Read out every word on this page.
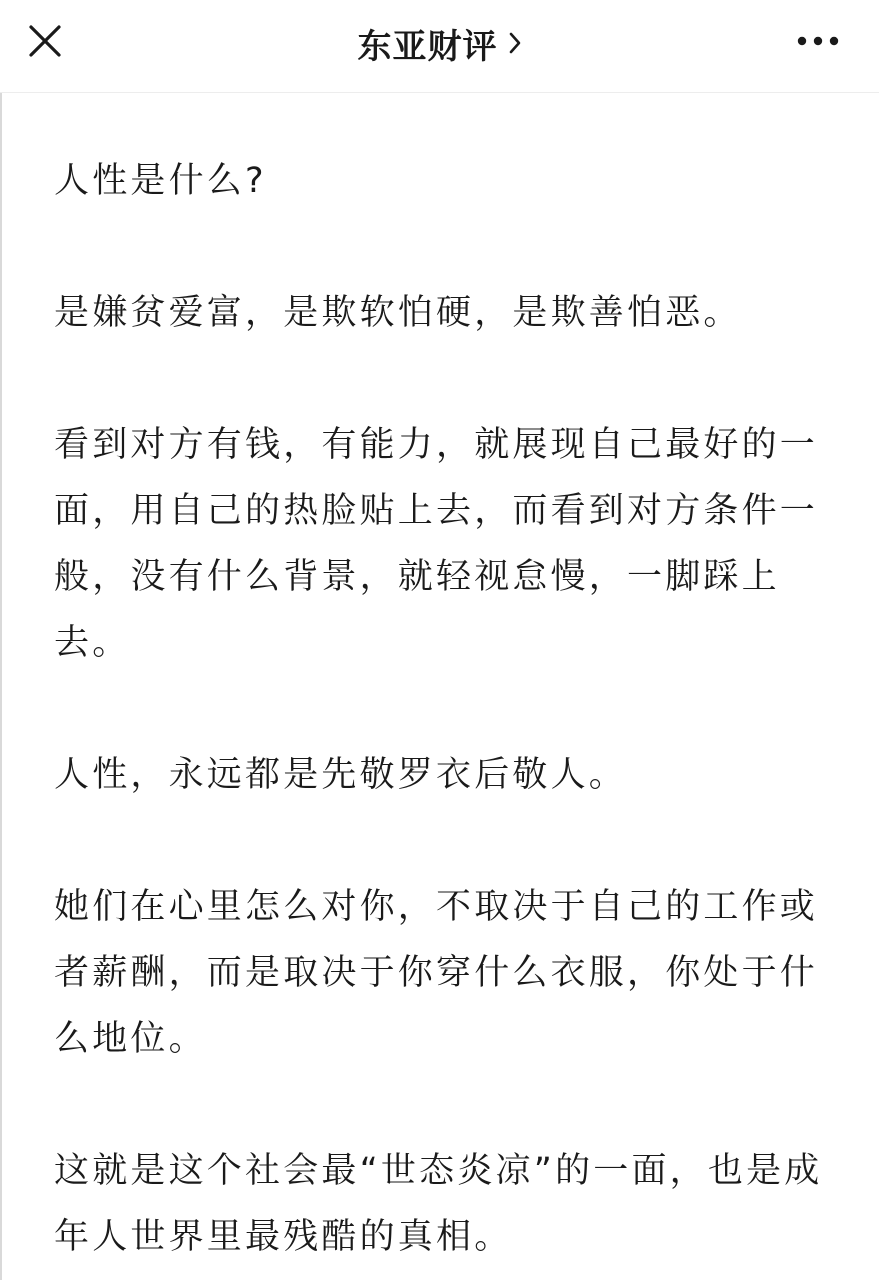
东亚财评

人性是什么?

是嫌贫爱富，是欺软怕硬，是欺善怕恶。

看到对方有钱，有能力，就展现自己最好的一
面，用自己的热脸贴上去，而看到对方条件一
般，没有什么背景，就轻视怠慢，一脚踩上
去。

人性，永远都是先敬罗衣后敬人。

她们在心里怎么对你，不取决于自己的工作或
者薪酬，而是取决于你穿什么衣服，你处于什
么地位。

这就是这个社会最“世态炎凉”的一面，也是成
年人世界里最残酷的真相。
